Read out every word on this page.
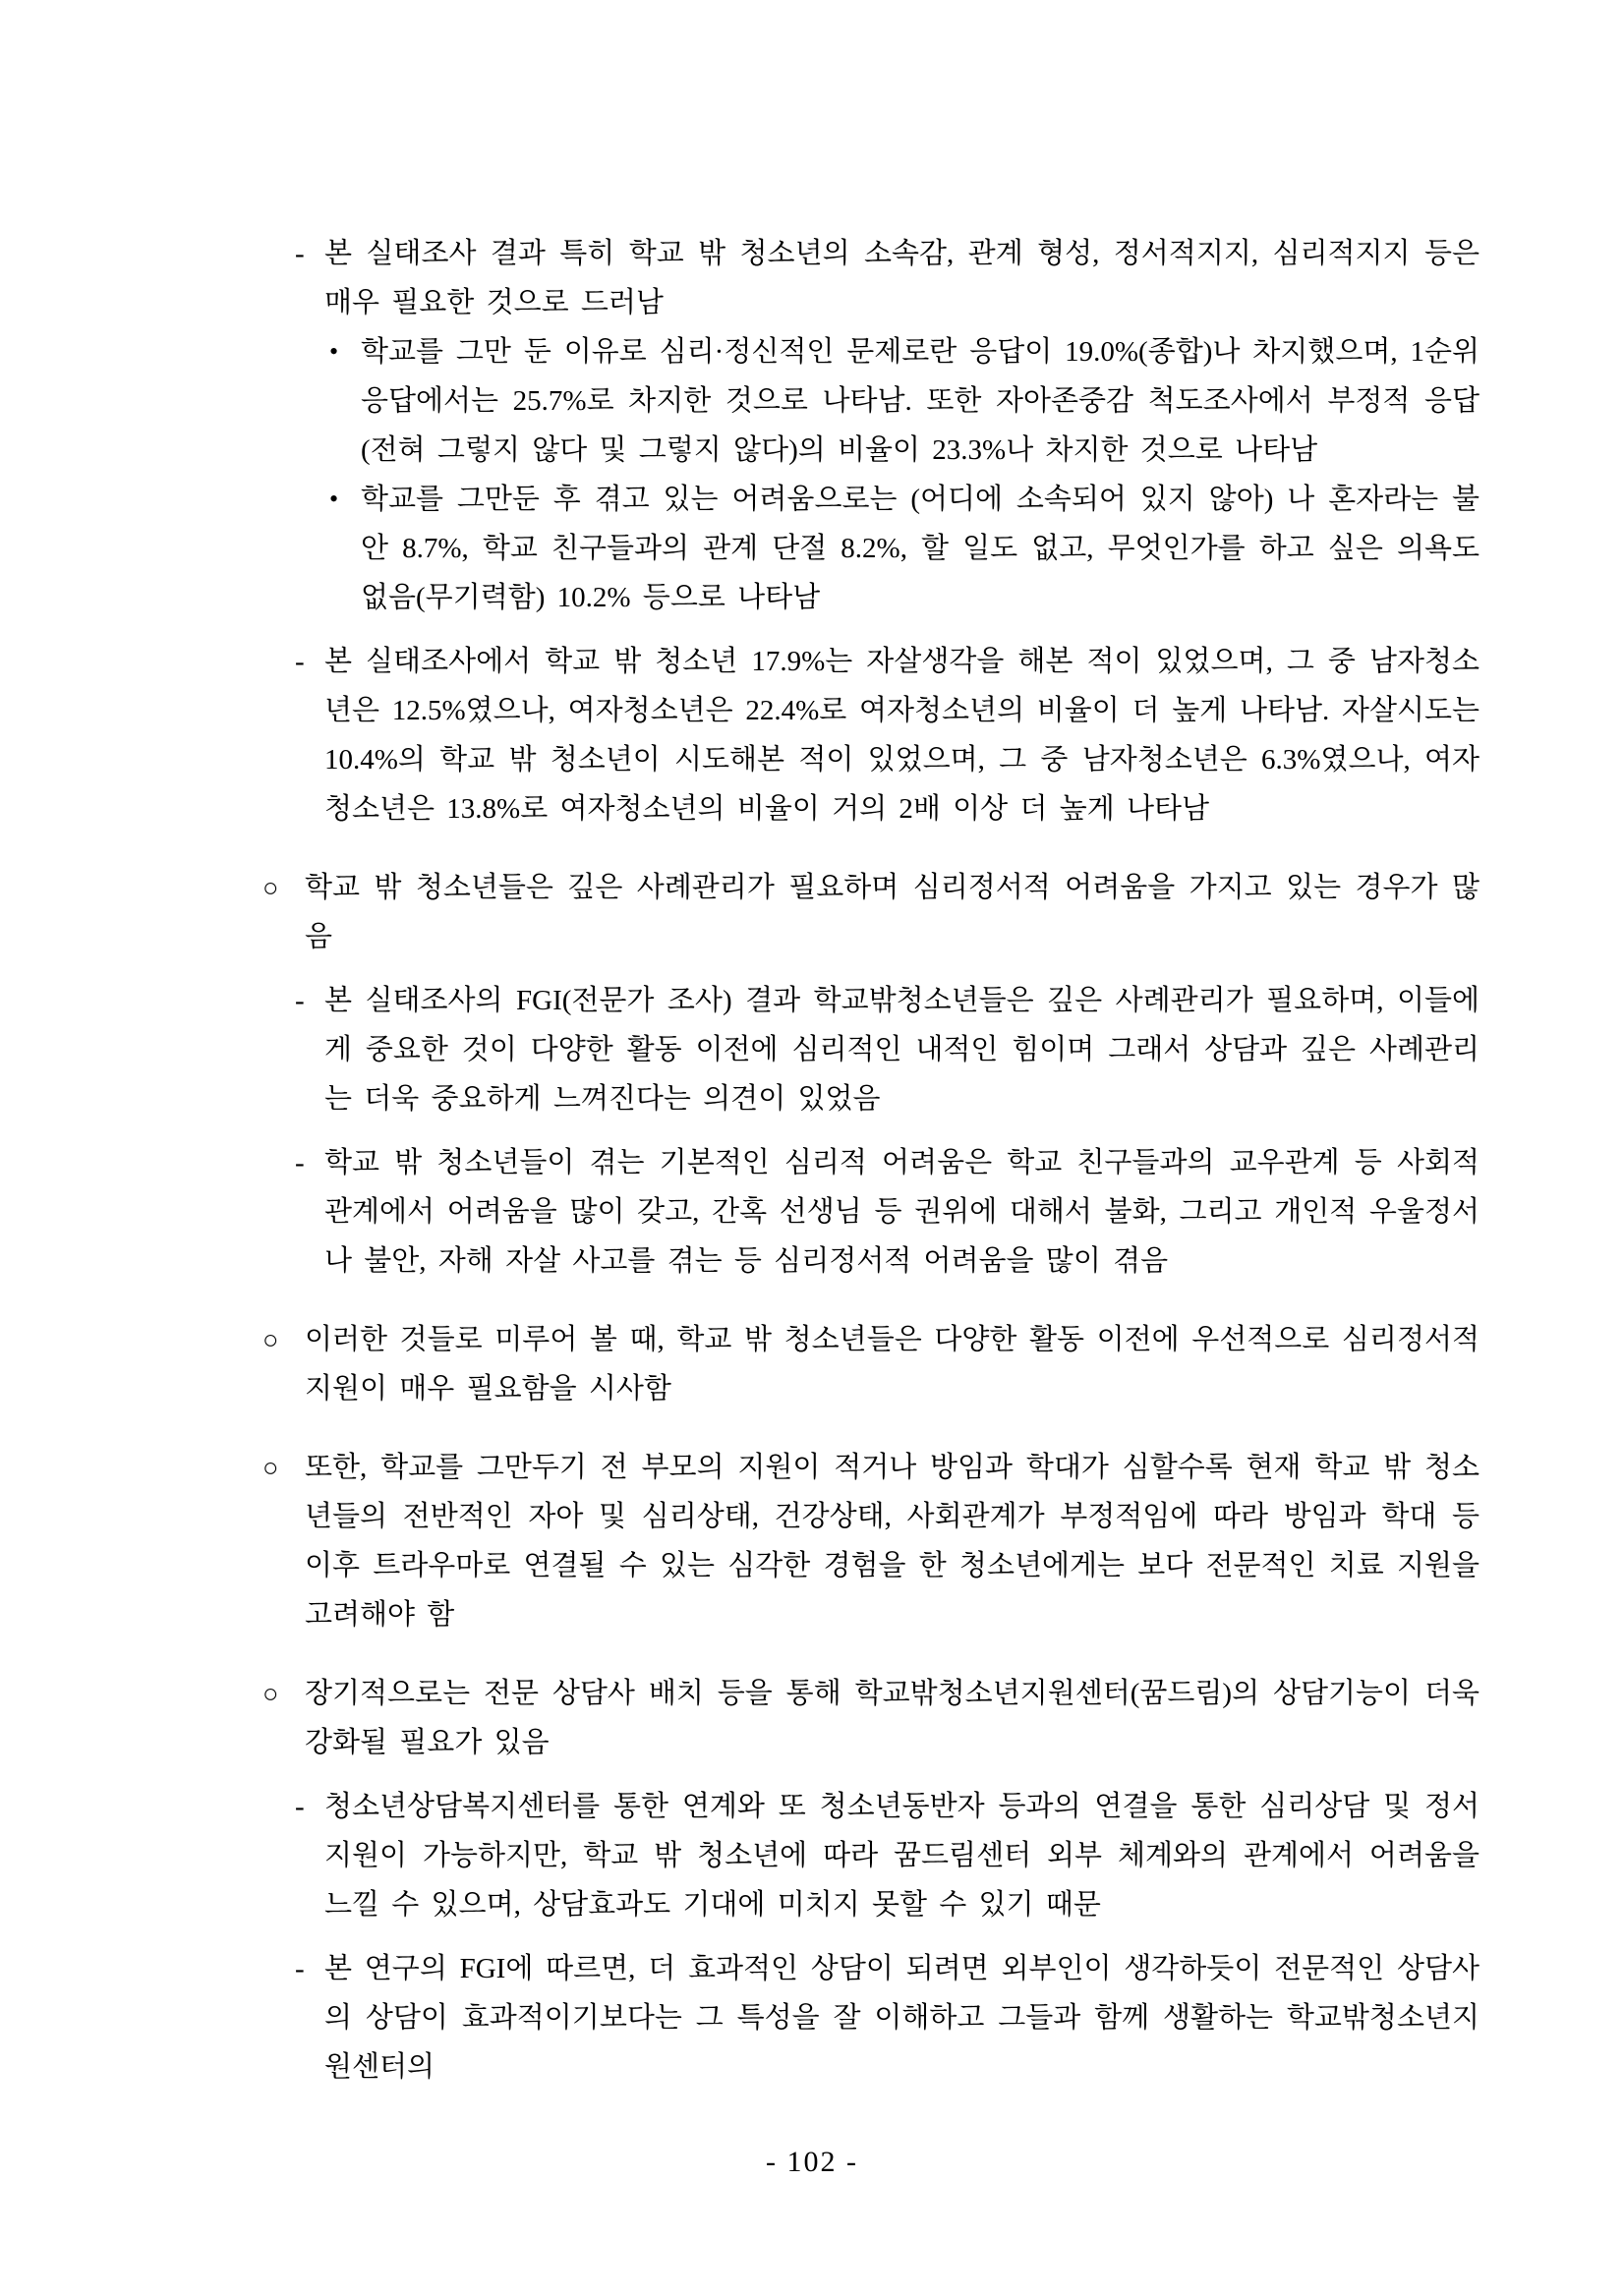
- 본 실태조사 결과 특히 학교 밖 청소년의 소속감, 관계 형성, 정서적지지, 심리적지지 등은 매우 필요한 것으로 드러남
• 학교를 그만 둔 이유로 심리·정신적인 문제로란 응답이 19.0%(종합)나 차지했으며, 1순위 응답에서는 25.7%로 차지한 것으로 나타남. 또한 자아존중감 척도조사에서 부정적 응답(전혀 그렇지 않다 및 그렇지 않다)의 비율이 23.3%나 차지한 것으로 나타남
• 학교를 그만둔 후 겪고 있는 어려움으로는 (어디에 소속되어 있지 않아) 나 혼자라는 불안 8.7%, 학교 친구들과의 관계 단절 8.2%, 할 일도 없고, 무엇인가를 하고 싶은 의욕도 없음(무기력함) 10.2% 등으로 나타남
- 본 실태조사에서 학교 밖 청소년 17.9%는 자살생각을 해본 적이 있었으며, 그 중 남자청소년은 12.5%였으나, 여자청소년은 22.4%로 여자청소년의 비율이 더 높게 나타남. 자살시도는 10.4%의 학교 밖 청소년이 시도해본 적이 있었으며, 그 중 남자청소년은 6.3%였으나, 여자청소년은 13.8%로 여자청소년의 비율이 거의 2배 이상 더 높게 나타남
○ 학교 밖 청소년들은 깊은 사례관리가 필요하며 심리정서적 어려움을 가지고 있는 경우가 많음
- 본 실태조사의 FGI(전문가 조사) 결과 학교밖청소년들은 깊은 사례관리가 필요하며, 이들에게 중요한 것이 다양한 활동 이전에 심리적인 내적인 힘이며 그래서 상담과 깊은 사례관리는 더욱 중요하게 느껴진다는 의견이 있었음
- 학교 밖 청소년들이 겪는 기본적인 심리적 어려움은 학교 친구들과의 교우관계 등 사회적 관계에서 어려움을 많이 갖고, 간혹 선생님 등 권위에 대해서 불화, 그리고 개인적 우울정서나 불안, 자해 자살 사고를 겪는 등 심리정서적 어려움을 많이 겪음
○ 이러한 것들로 미루어 볼 때, 학교 밖 청소년들은 다양한 활동 이전에 우선적으로 심리정서적 지원이 매우 필요함을 시사함
○ 또한, 학교를 그만두기 전 부모의 지원이 적거나 방임과 학대가 심할수록 현재 학교 밖 청소년들의 전반적인 자아 및 심리상태, 건강상태, 사회관계가 부정적임에 따라 방임과 학대 등 이후 트라우마로 연결될 수 있는 심각한 경험을 한 청소년에게는 보다 전문적인 치료 지원을 고려해야 함
○ 장기적으로는 전문 상담사 배치 등을 통해 학교밖청소년지원센터(꿈드림)의 상담기능이 더욱 강화될 필요가 있음
- 청소년상담복지센터를 통한 연계와 또 청소년동반자 등과의 연결을 통한 심리상담 및 정서지원이 가능하지만, 학교 밖 청소년에 따라 꿈드림센터 외부 체계와의 관계에서 어려움을 느낄 수 있으며, 상담효과도 기대에 미치지 못할 수 있기 때문
- 본 연구의 FGI에 따르면, 더 효과적인 상담이 되려면 외부인이 생각하듯이 전문적인 상담사의 상담이 효과적이기보다는 그 특성을 잘 이해하고 그들과 함께 생활하는 학교밖청소년지원센터의
- 102 -
